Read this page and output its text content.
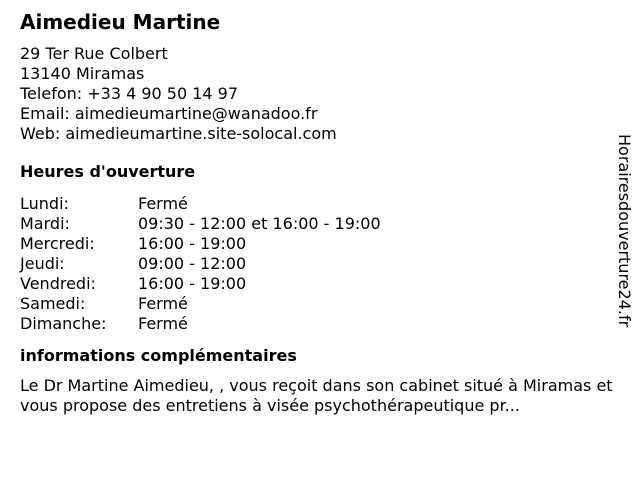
Aimedieu Martine
29 Ter Rue Colbert
13140 Miramas
Telefon: +33 4 90 50 14 97
Email: aimedieumartine@wanadoo.fr
Web: aimedieumartine.site-solocal.com
Heures d'ouverture
Lundi:	Fermé
Mardi:	09:30 - 12:00 et 16:00 - 19:00
Mercredi:	16:00 - 19:00
Jeudi:	09:00 - 12:00
Vendredi:	16:00 - 19:00
Samedi:	Fermé
Dimanche:	Fermé
informations complémentaires
Le Dr Martine Aimedieu, , vous reçoit dans son cabinet situé à Miramas et vous propose des entretiens à visée psychothérapeutique pr...
Horairesdouverture24.fr
